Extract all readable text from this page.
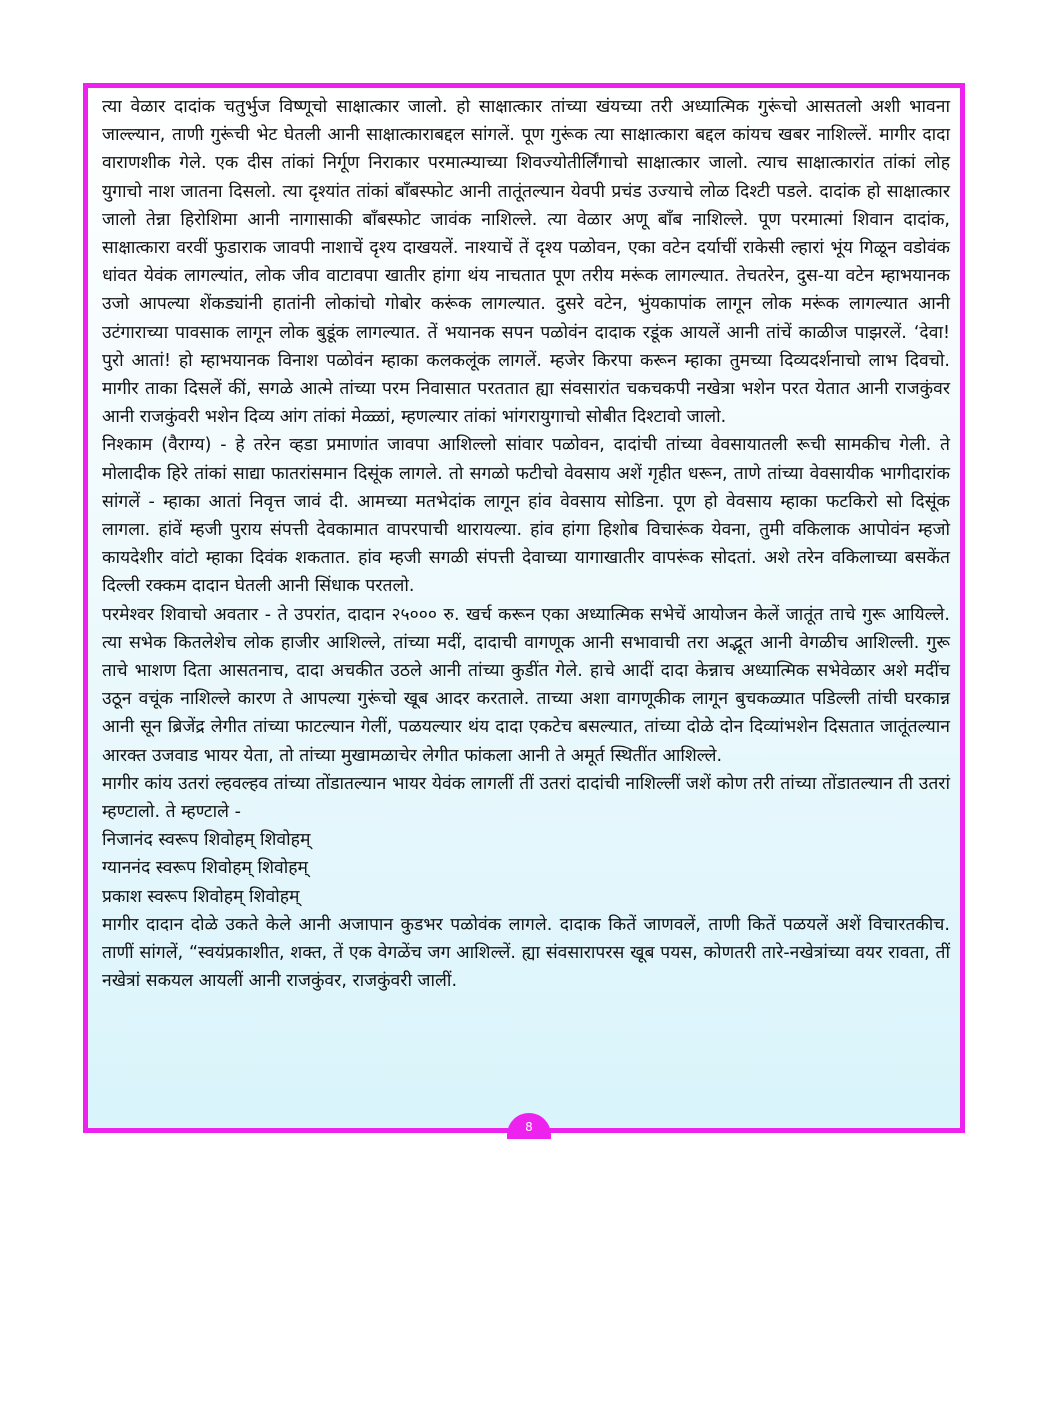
त्या वेळार दादांक चतुर्भुज विष्णूचो साक्षात्कार जालो. हो साक्षात्कार तांच्या खंयच्या तरी अध्यात्मिक गुरूंचो आसतलो अशी भावना जाल्ल्यान, ताणी गुरूंची भेट घेतली आनी साक्षात्काराबद्दल सांगलें. पूण गुरूंक त्या साक्षात्कारा बद्दल कांयच खबर नाशिल्लें. मागीर दादा वाराणशीक गेले. एक दीस तांकां निर्गूण निराकार परमात्म्याच्या शिवज्योतीर्लिंगाचो साक्षात्कार जालो. त्याच साक्षात्कारांत तांकां लोह युगाचो नाश जातना दिसलो. त्या दृश्यांत तांकां बाँबस्फोट आनी तातूंतल्यान येवपी प्रचंड उज्याचे लोळ दिश्टी पडले. दादांक हो साक्षात्कार जालो तेन्ना हिरोशिमा आनी नागासाकी बाँबस्फोट जावंक नाशिल्ले. त्या वेळार अणू बाँब नाशिल्ले. पूण परमात्मां शिवान दादांक, साक्षात्कारा वरवीं फुडाराक जावपी नाशाचें दृश्य दाखयलें. नाश्याचें तें दृश्य पळोवन, एका वटेन दर्याचीं राकेसी ल्हारां भूंय गिळून वडोवंक धांवत येवंक लागल्यांत, लोक जीव वाटावपा खातीर हांगा थंय नाचतात पूण तरीय मरूंक लागल्यात. तेचतरेन, दुस-या वटेन म्हाभयानक उजो आपल्या शेंकड्यांनी हातांनी लोकांचो गोबोर करूंक लागल्यात. दुसरे वटेन, भुंयकापांक लागून लोक मरूंक लागल्यात आनी उटंगाराच्या पावसाक लागून लोक बुडूंक लागल्यात. तें भयानक सपन पळोवंन दादाक रडूंक आयलें आनी तांचें काळीज पाझरलें. ‘देवा! पुरो आतां! हो म्हाभयानक विनाश पळोवंन म्हाका कलकलूंक लागलें. म्हजेर किरपा करून म्हाका तुमच्या दिव्यदर्शनाचो लाभ दिवचो. मागीर ताका दिसलें कीं, सगळे आत्मे तांच्या परम निवासात परततात ह्या संवसारांत चकचकपी नखेत्रा भशेन परत येतात आनी राजकुंवर आनी राजकुंवरी भशेन दिव्य आंग तांकां मेळ्ळां, म्हणल्यार तांकां भांगरायुगाचो सोबीत दिश्टावो जालो.

निश्काम (वैराग्य) - हे तरेन व्हडा प्रमाणांत जावपा आशिल्लो सांवार पळोवन, दादांची तांच्या वेवसायातली रूची सामकीच गेली. ते मोलादीक हिरे तांकां साद्या फातरांसमान दिसूंक लागले. तो सगळो फटीचो वेवसाय अशें गृहीत धरून, ताणे तांच्या वेवसायीक भागीदारांक सांगलें - म्हाका आतां निवृत्त जावं दी. आमच्या मतभेदांक लागून हांव वेवसाय सोडिना. पूण हो वेवसाय म्हाका फटकिरो सो दिसूंक लागला. हांवें म्हजी पुराय संपत्ती देवकामात वापरपाची थारायल्या. हांव हांगा हिशोब विचारूंक येवना, तुमी वकिलाक आपोवंन म्हजो कायदेशीर वांटो म्हाका दिवंक शकतात. हांव म्हजी सगळी संपत्ती देवाच्या यागाखातीर वापरूंक सोदतां. अशे तरेन वकिलाच्या बसकेंत दिल्ली रक्कम दादान घेतली आनी सिंधाक परतलो.

परमेश्वर शिवाचो अवतार - ते उपरांत, दादान २५००० रु. खर्च करून एका अध्यात्मिक सभेचें आयोजन केलें जातूंत ताचे गुरू आयिल्ले. त्या सभेक कितलेशेच लोक हाजीर आशिल्ले, तांच्या मदीं, दादाची वागणूक आनी सभावाची तरा अद्भूत आनी वेगळीच आशिल्ली. गुरू ताचे भाशण दिता आसतनाच, दादा अचकीत उठले आनी तांच्या कुडींत गेले. हाचे आदीं दादा केन्नाच अध्यात्मिक सभेवेळार अशे मदींच उठून वचूंक नाशिल्ले कारण ते आपल्या गुरूंचो खूब आदर करताले. ताच्या अशा वागणूकीक लागून बुचकळ्यात पडिल्ली तांची घरकान्न आनी सून ब्रिजेंद्र लेगीत तांच्या फाटल्यान गेलीं, पळयल्यार थंय दादा एकटेच बसल्यात, तांच्या दोळे दोन दिव्यांभशेन दिसतात जातूंतल्यान आरक्त उजवाड भायर येता, तो तांच्या मुखामळाचेर लेगीत फांकला आनी ते अमूर्त स्थितींत आशिल्ले.

मागीर कांय उतरां ल्हवल्हव तांच्या तोंडातल्यान भायर येवंक लागलीं तीं उतरां दादांची नाशिल्लीं जशें कोण तरी तांच्या तोंडातल्यान ती उतरां म्हण्टालो. ते म्हण्टाले -

निजानंद स्वरूप शिवोहम् शिवोहम्

ग्याननंद स्वरूप शिवोहम् शिवोहम्

प्रकाश स्वरूप शिवोहम् शिवोहम्

मागीर दादान दोळे उकते केले आनी अजापान कुडभर पळोवंक लागले. दादाक कितें जाणवलें, ताणी कितें पळयलें अशें विचारतकीच. ताणीं सांगलें, “स्वयंप्रकाशीत, शक्त, तें एक वेगळेंच जग आशिल्लें. ह्या संवसारापरस खूब पयस, कोणतरी तारे-नखेत्रांच्या वयर रावता, तीं नखेत्रां सकयल आयलीं आनी राजकुंवर, राजकुंवरी जालीं.

8
